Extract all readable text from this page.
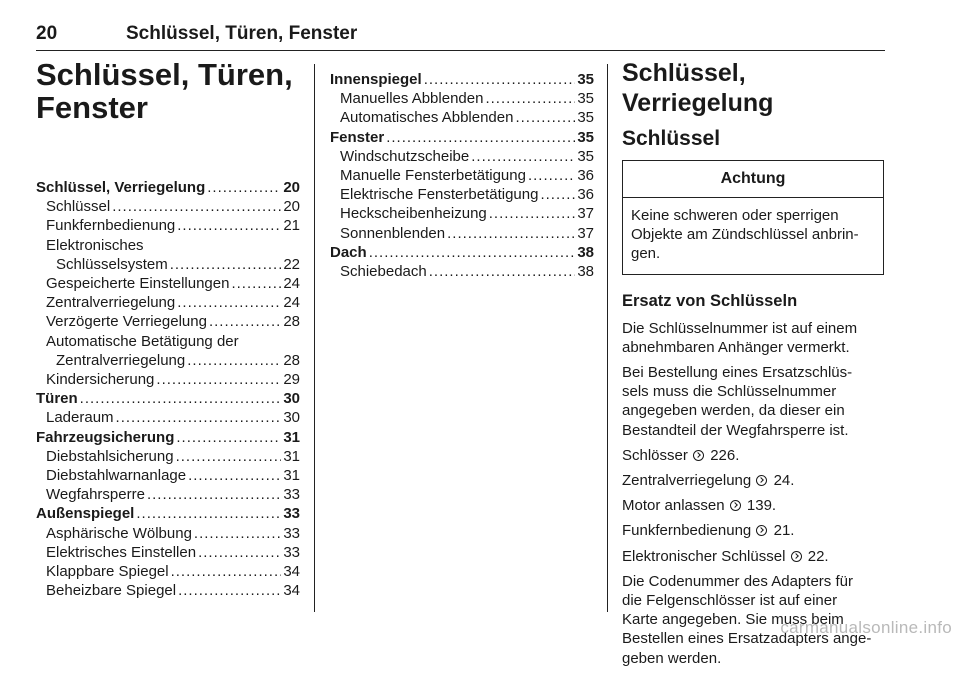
20	Schlüssel, Türen, Fenster
Schlüssel, Türen,
Fenster
Schlüssel, Verriegelung .....	20
Schlüssel .....	20
Funkfernbedienung .....	21
Elektronisches
Schlüsselsystem .....	22
Gespeicherte Einstellungen .....	24
Zentralverriegelung .....	24
Verzögerte Verriegelung .....	28
Automatische Betätigung der
Zentralverriegelung .....	28
Kindersicherung .....	29
Türen .....	30
Laderaum .....	30
Fahrzeugsicherung .....	31
Diebstahlsicherung .....	31
Diebstahlwarnanlage .....	31
Wegfahrsperre .....	33
Außenspiegel .....	33
Asphärische Wölbung .....	33
Elektrisches Einstellen .....	33
Klappbare Spiegel .....	34
Beheizbare Spiegel .....	34
Innenspiegel .....	35
Manuelles Abblenden .....	35
Automatisches Abblenden .....	35
Fenster .....	35
Windschutzscheibe .....	35
Manuelle Fensterbetätigung .....	36
Elektrische Fensterbetätigung .....	36
Heckscheibenheizung .....	37
Sonnenblenden .....	37
Dach .....	38
Schiebedach .....	38
Schlüssel, Verriegelung
Schlüssel
Achtung
Keine schweren oder sperrigen
Objekte am Zündschlüssel anbrin-
gen.
Ersatz von Schlüsseln
Die Schlüsselnummer ist auf einem
abnehmbaren Anhänger vermerkt.
Bei Bestellung eines Ersatzschlüs-
sels muss die Schlüsselnummer
angegeben werden, da dieser ein
Bestandteil der Wegfahrsperre ist.
Schlösser 226.
Zentralverriegelung 24.
Motor anlassen 139.
Funkfernbedienung 21.
Elektronischer Schlüssel 22.
Die Codenummer des Adapters für
die Felgenschlösser ist auf einer
Karte angegeben. Sie muss beim
Bestellen eines Ersatzadapters ange-
geben werden.
carmanualsonline.info
